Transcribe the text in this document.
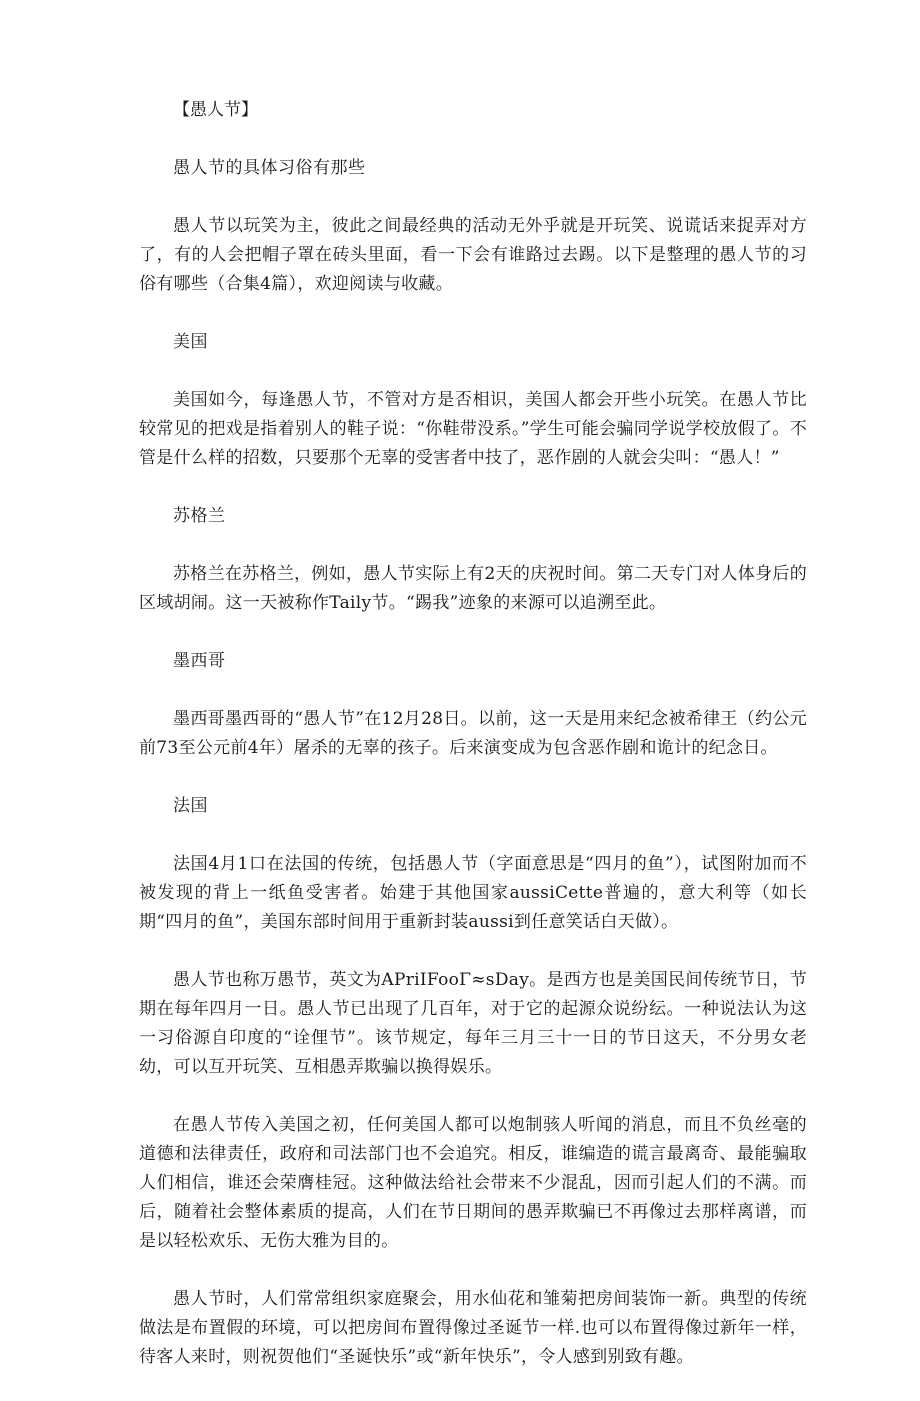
【愚人节】

愚人节的具体习俗有那些

愚人节以玩笑为主，彼此之间最经典的活动无外乎就是开玩笑、说谎话来捉弄对方了，有的人会把帽子罩在砖头里面，看一下会有谁路过去踢。以下是整理的愚人节的习俗有哪些（合集4篇），欢迎阅读与收藏。

美国

美国如今，每逢愚人节，不管对方是否相识，美国人都会开些小玩笑。在愚人节比较常见的把戏是指着别人的鞋子说：“你鞋带没系。”学生可能会骗同学说学校放假了。不管是什么样的招数，只要那个无辜的受害者中技了，恶作剧的人就会尖叫：“愚人！”

苏格兰

苏格兰在苏格兰，例如，愚人节实际上有2天的庆祝时间。第二天专门对人体身后的区域胡闹。这一天被称作Taily节。“踢我”迹象的来源可以追溯至此。

墨西哥

墨西哥墨西哥的“愚人节”在12月28日。以前，这一天是用来纪念被希律王（约公元前73至公元前4年）屠杀的无辜的孩子。后来演变成为包含恶作剧和诡计的纪念日。

法国

法国4月1口在法国的传统，包括愚人节（字面意思是“四月的鱼”），试图附加而不被发现的背上一纸鱼受害者。始建于其他国家aussiCette普遍的，意大利等（如长期“四月的鱼”，美国东部时间用于重新封装aussi到任意笑话白天做）。

愚人节也称万愚节，英文为APriIFooΓ≈sDay。是西方也是美国民间传统节日，节期在每年四月一日。愚人节已出现了几百年，对于它的起源众说纷纭。一种说法认为这一习俗源自印度的“诠俚节”。该节规定，每年三月三十一日的节日这天，不分男女老幼，可以互开玩笑、互相愚弄欺骗以换得娱乐。

在愚人节传入美国之初，任何美国人都可以炮制骇人听闻的消息，而且不负丝毫的道德和法律责任，政府和司法部门也不会追究。相反，谁编造的谎言最离奇、最能骗取人们相信，谁还会荣膺桂冠。这种做法给社会带来不少混乱，因而引起人们的不满。而后，随着社会整体素质的提高，人们在节日期间的愚弄欺骗已不再像过去那样离谱，而是以轻松欢乐、无伤大雅为目的。

愚人节时，人们常常组织家庭聚会，用水仙花和雏菊把房间装饰一新。典型的传统做法是布置假的环境，可以把房间布置得像过圣诞节一样.也可以布置得像过新年一样，待客人来时，则祝贺他们“圣诞快乐”或“新年快乐”，令人感到别致有趣。
